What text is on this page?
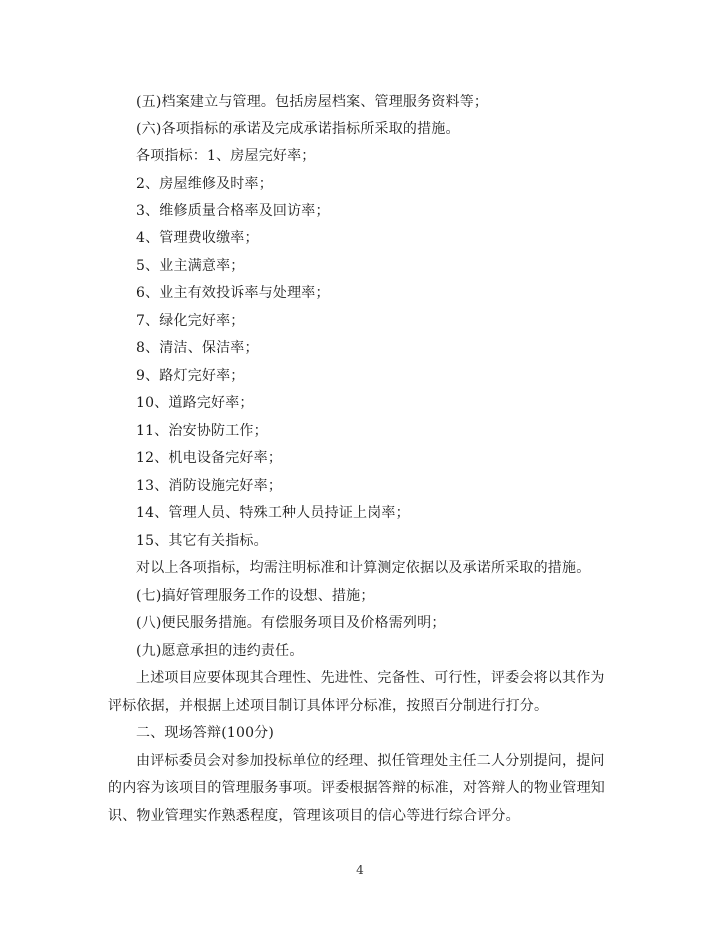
(五)档案建立与管理。包括房屋档案、管理服务资料等；
(六)各项指标的承诺及完成承诺指标所采取的措施。
各项指标：1、房屋完好率；
2、房屋维修及时率；
3、维修质量合格率及回访率；
4、管理费收缴率；
5、业主满意率；
6、业主有效投诉率与处理率；
7、绿化完好率；
8、清洁、保洁率；
9、路灯完好率；
10、道路完好率；
11、治安协防工作；
12、机电设备完好率；
13、消防设施完好率；
14、管理人员、特殊工种人员持证上岗率；
15、其它有关指标。
对以上各项指标，均需注明标准和计算测定依据以及承诺所采取的措施。
(七)搞好管理服务工作的设想、措施；
(八)便民服务措施。有偿服务项目及价格需列明；
(九)愿意承担的违约责任。
上述项目应要体现其合理性、先进性、完备性、可行性，评委会将以其作为
评标依据，并根据上述项目制订具体评分标准，按照百分制进行打分。
二、现场答辩(100分)
由评标委员会对参加投标单位的经理、拟任管理处主任二人分别提问，提问
的内容为该项目的管理服务事项。评委根据答辩的标准，对答辩人的物业管理知
识、物业管理实作熟悉程度，管理该项目的信心等进行综合评分。
4
